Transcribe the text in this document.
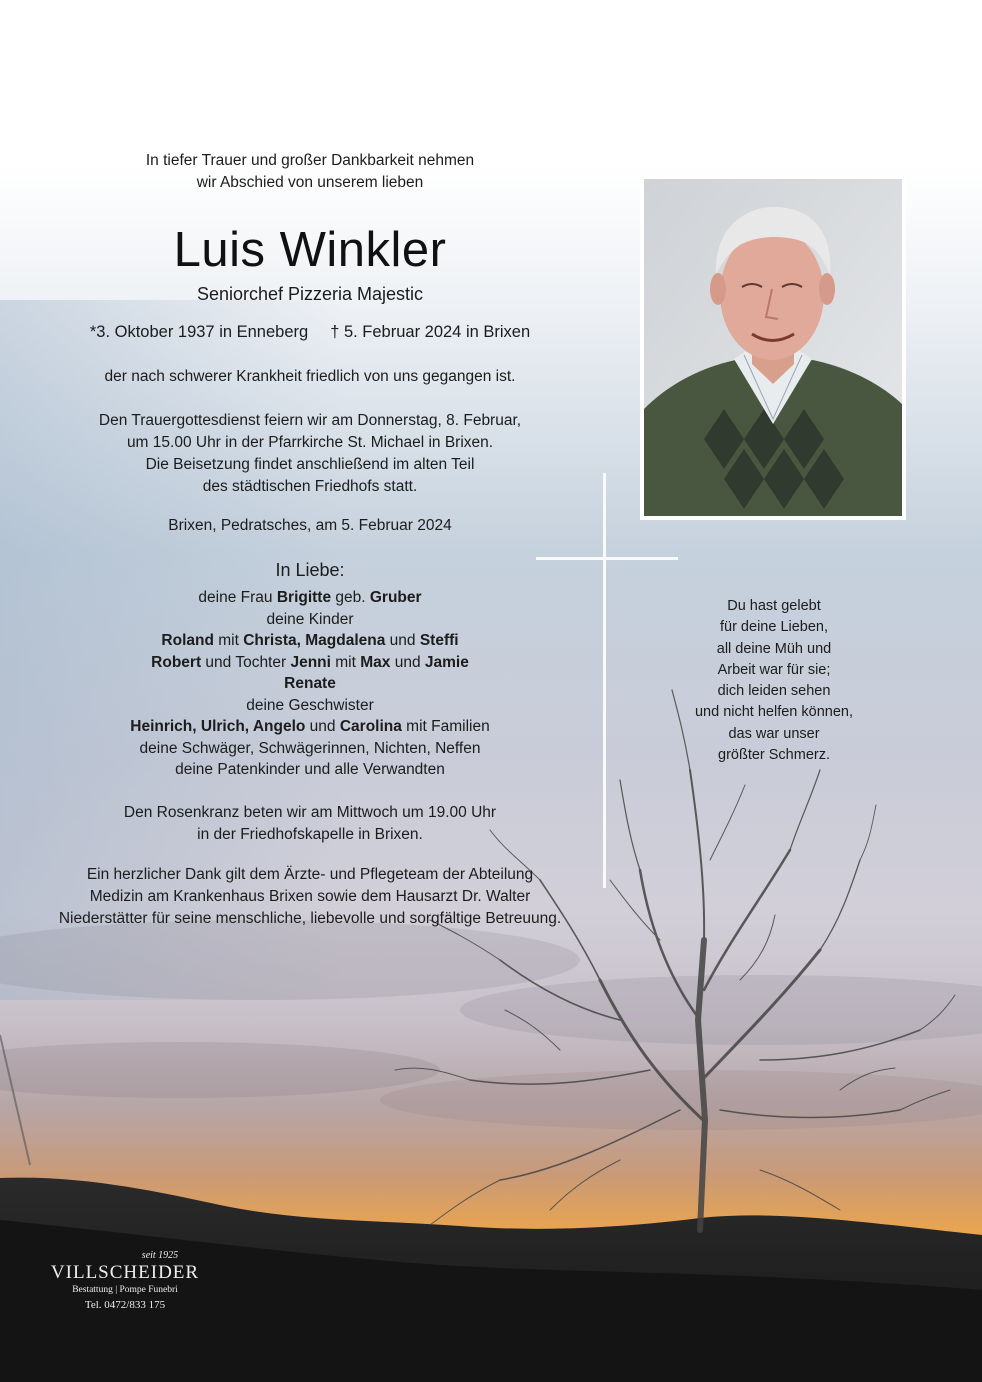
In tiefer Trauer und großer Dankbarkeit nehmen
wir Abschied von unserem lieben
Luis Winkler
Seniorchef Pizzeria Majestic
*3. Oktober 1937 in Enneberg † 5. Februar 2024 in Brixen
der nach schwerer Krankheit friedlich von uns gegangen ist.
Den Trauergottesdienst feiern wir am Donnerstag, 8. Februar,
um 15.00 Uhr in der Pfarrkirche St. Michael in Brixen.
Die Beisetzung findet anschließend im alten Teil
des städtischen Friedhofs statt.
Brixen, Pedratsches, am 5. Februar 2024
In Liebe:
deine Frau Brigitte geb. Gruber
deine Kinder
Roland mit Christa, Magdalena und Steffi
Robert und Tochter Jenni mit Max und Jamie
Renate
deine Geschwister
Heinrich, Ulrich, Angelo und Carolina mit Familien
deine Schwäger, Schwägerinnen, Nichten, Neffen
deine Patenkinder und alle Verwandten
Den Rosenkranz beten wir am Mittwoch um 19.00 Uhr
in der Friedhofskapelle in Brixen.
Ein herzlicher Dank gilt dem Ärzte- und Pflegeteam der Abteilung
Medizin am Krankenhaus Brixen sowie dem Hausarzt Dr. Walter
Niederstätter für seine menschliche, liebevolle und sorgfältige Betreuung.
Du hast gelebt
für deine Lieben,
all deine Müh und
Arbeit war für sie;
dich leiden sehen
und nicht helfen können,
das war unser
größter Schmerz.
seit 1925
VILLSCHEIDER
Bestattung | Pompe Funebri
Tel. 0472/833 175
